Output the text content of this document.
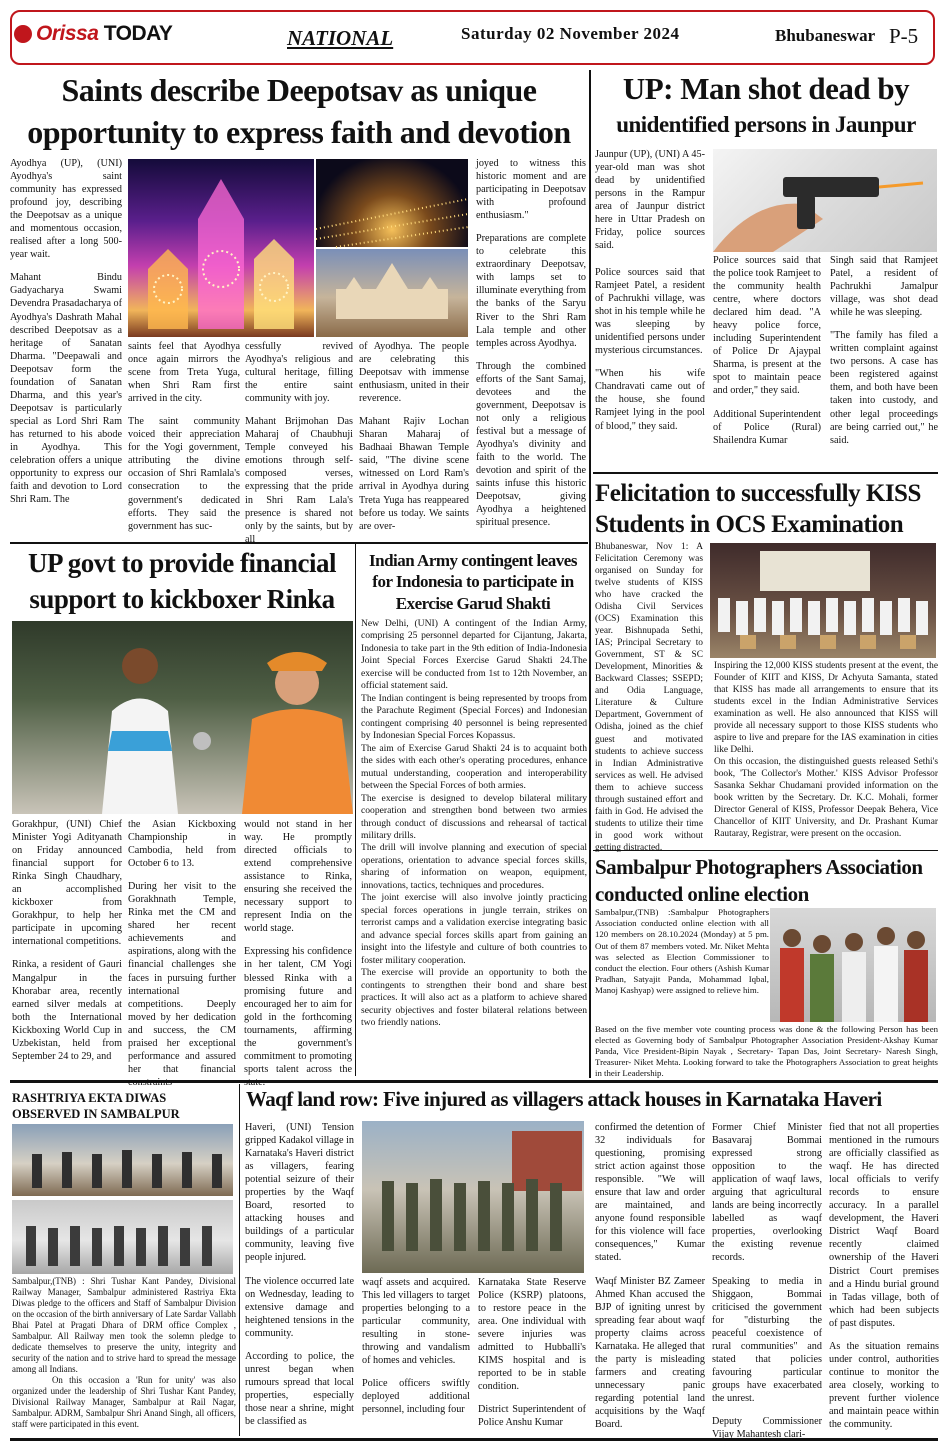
Orissa TODAY	NATIONAL	Saturday 02 November 2024	Bhubaneswar P-5
Saints describe Deepotsav as unique opportunity to express faith and devotion

Ayodhya (UP), (UNI) Ayodhya's saint community has expressed profound joy, describing the Deepotsav as a unique and momentous occasion, realised after a long 500-year wait.

Mahant Bindu Gadyacharya Swami Devendra Prasadacharya of Ayodhya's Dashrath Mahal described Deepotsav as a heritage of Sanatan Dharma. "Deepawali and Deepotsav form the foundation of Sanatan Dharma, and this year's Deepotsav is particularly special as Lord Shri Ram has returned to his abode in Ayodhya. This celebration offers a unique opportunity to express our faith and devotion to Lord Shri Ram. The

saints feel that Ayodhya once again mirrors the scene from Treta Yuga, when Shri Ram first arrived in the city.

The saint community voiced their appreciation for the Yogi government, attributing the divine occasion of Shri Ramlala's consecration to the government's dedicated efforts. They said the government has suc-

cessfully revived Ayodhya's religious and cultural heritage, filling the entire saint community with joy.

Mahant Brijmohan Das Maharaj of Chaubhuji Temple conveyed his emotions through self-composed verses, expressing that the pride in Shri Ram Lala's presence is shared not only by the saints, but by all

of Ayodhya. The people are celebrating this Deepotsav with immense enthusiasm, united in their reverence.

Mahant Rajiv Lochan Sharan Maharaj of Badhaai Bhawan Temple said, "The divine scene witnessed on Lord Ram's arrival in Ayodhya during Treta Yuga has reappeared before us today. We saints are over-

joyed to witness this historic moment and are participating in Deepotsav with profound enthusiasm."

Preparations are complete to celebrate this extraordinary Deepotsav, with lamps set to illuminate everything from the banks of the Saryu River to the Shri Ram Lala temple and other temples across Ayodhya.

Through the combined efforts of the Sant Samaj, devotees and the government, Deepotsav is not only a religious festival but a message of Ayodhya's divinity and faith to the world. The devotion and spirit of the saints infuse this historic Deepotsav, giving Ayodhya a heightened spiritual presence.

UP: Man shot dead by
unidentified persons in Jaunpur
Jaunpur (UP), (UNI) A 45-year-old man was shot dead by unidentified persons in the Rampur area of Jaunpur district here in Uttar Pradesh on Friday, police sources said.

Police sources said that Ramjeet Patel, a resident of Pachrukhi village, was shot in his temple while he was sleeping by unidentified persons under mysterious circumstances.

"When his wife Chandravati came out of the house, she found Ramjeet lying in the pool of blood," they said.

Police sources said that the police took Ramjeet to the community health centre, where doctors declared him dead. "A heavy police force, including Superintendent of Police Dr Ajaypal Sharma, is present at the spot to maintain peace and order," they said.

Additional Superintendent of Police (Rural) Shailendra Kumar

Singh said that Ramjeet Patel, a resident of Pachrukhi Jamalpur village, was shot dead while he was sleeping.

"The family has filed a written complaint against two persons. A case has been registered against them, and both have been taken into custody, and other legal proceedings are being carried out," he said.

Felicitation to successfully KISS Students in OCS Examination
Bhubaneswar, Nov 1: A Felicitation Ceremony was organised on Sunday for twelve students of KISS who have cracked the Odisha Civil Services (OCS) Examination this year. Bishnupada Sethi, IAS; Principal Secretary to Government, ST & SC Development, Minorities & Backward Classes; SSEPD; and Odia Language, Literature & Culture Department, Government of Odisha, joined as the chief guest and motivated students to achieve success in Indian Administrative services as well. He advised them to achieve success through sustained effort and faith in God. He advised the students to utilize their time in good work without getting distracted.

Inspiring the 12,000 KISS students present at the event, the Founder of KIIT and KISS, Dr Achyuta Samanta, stated that KISS has made all arrangements to ensure that its students excel in the Indian Administrative Services examination as well. He also announced that KISS will provide all necessary support to those KISS students who aspire to live and prepare for the IAS examination in cities like Delhi.

On this occasion, the distinguished guests released Sethi's book, 'The Collector's Mother.' KISS Advisor Professor Sasanka Sekhar Chudamani provided information on the book written by the Secretary. Dr. K.C. Mohali, former Director General of KISS, Professor Deepak Behera, Vice Chancellor of KIIT University, and Dr. Prashant Kumar Rautaray, Registrar, were present on the occasion.

UP govt to provide financial support to kickboxer Rinka

Gorakhpur, (UNI) Chief Minister Yogi Adityanath on Friday announced financial support for Rinka Singh Chaudhary, an accomplished kickboxer from Gorakhpur, to help her participate in upcoming international competitions.

Rinka, a resident of Gauri Mangalpur in the Khorabar area, recently earned silver medals at both the International Kickboxing World Cup in Uzbekistan, held from September 24 to 29, and

the Asian Kickboxing Championship in Cambodia, held from October 6 to 13.

During her visit to the Gorakhnath Temple, Rinka met the CM and shared her recent achievements and aspirations, along with the financial challenges she faces in pursuing further international competitions. Deeply moved by her dedication and success, the CM praised her exceptional performance and assured her that financial constraints

would not stand in her way. He promptly directed officials to extend comprehensive assistance to Rinka, ensuring she received the necessary support to represent India on the world stage.

Expressing his confidence in her talent, CM Yogi blessed Rinka with a promising future and encouraged her to aim for gold in the forthcoming tournaments, affirming the government's commitment to promoting sports talent across the state.

Indian Army contingent leaves for Indonesia to participate in Exercise Garud Shakti

New Delhi, (UNI) A contingent of the Indian Army, comprising 25 personnel departed for Cijantung, Jakarta, Indonesia to take part in the 9th edition of India-Indonesia Joint Special Forces Exercise Garud Shakti 24.The exercise will be conducted from 1st to 12th November, an official statement said.

The Indian contingent is being represented by troops from the Parachute Regiment (Special Forces) and Indonesian contingent comprising 40 personnel is being represented by Indonesian Special Forces Kopassus.

The aim of Exercise Garud Shakti 24 is to acquaint both the sides with each other's operating procedures, enhance mutual understanding, cooperation and interoperability between the Special Forces of both armies.

The exercise is designed to develop bilateral military cooperation and strengthen bond between two armies through conduct of discussions and rehearsal of tactical military drills.

The drill will involve planning and execution of special operations, orientation to advance special forces skills, sharing of information on weapon, equipment, innovations, tactics, techniques and procedures.

The joint exercise will also involve jointly practicing special forces operations in jungle terrain, strikes on terrorist camps and a validation exercise integrating basic and advance special forces skills apart from gaining an insight into the lifestyle and culture of both countries to foster military cooperation.

The exercise will provide an opportunity to both the contingents to strengthen their bond and share best practices. It will also act as a platform to achieve shared security objectives and foster bilateral relations between two friendly nations.

Sambalpur Photographers Association conducted online election
Sambalpur,(TNB) :Sambalpur Photographers Association conducted online election with all 120 members on 28.10.2024 (Monday) at 5 pm. Out of them 87 members voted. Mr. Niket Mehta was selected as Election Commissioner to conduct the election. Four others (Ashish Kumar Pradhan, Satyajit Panda, Mohammad Iqbal, Manoj Kashyap) were assigned to relieve him.
Based on the five member vote counting process was done & the following Person has been elected as Governing body of Sambalpur Photographer Association President-Akshay Kumar Panda, Vice President-Bipin Nayak , Secretary- Tapan Das, Joint Secretary- Naresh Singh, Treasurer- Niket Mehta. Looking forward to take the Photographers Association to great heights in their Leadership.
RASHTRIYA EKTA DIWAS OBSERVED IN SAMBALPUR

Sambalpur,(TNB) : Shri Tushar Kant Pandey, Divisional Railway Manager, Sambalpur administered Rastriya Ekta Diwas pledge to the officers and Staff of Sambalpur Division on the occasion of the birth anniversary of Late Sardar Vallabh Bhai Patel at Pragati Dhara of DRM office Complex , Sambalpur. All Railway men took the solemn pledge to dedicate themselves to preserve the unity, integrity and security of the nation and to strive hard to spread the message among all Indians.

On this occasion a 'Run for unity' was also organized under the leadership of Shri Tushar Kant Pandey, Divisional Railway Manager, Sambalpur at Rail Nagar, Sambalpur. ADRM, Sambalpur Shri Anand Singh, all officers, staff were participated in this event.

Waqf land row: Five injured as villagers attack houses in Karnataka Haveri

Haveri, (UNI) Tension gripped Kadakol village in Karnataka's Haveri district as villagers, fearing potential seizure of their properties by the Waqf Board, resorted to attacking houses and buildings of a particular community, leaving five people injured.

The violence occurred late on Wednesday, leading to extensive damage and heightened tensions in the community.

According to police, the unrest began when rumours spread that local properties, especially those near a shrine, might be classified as

waqf assets and acquired. This led villagers to target properties belonging to a particular community, resulting in stone-throwing and vandalism of homes and vehicles.

Police officers swiftly deployed additional personnel, including four

Karnataka State Reserve Police (KSRP) platoons, to restore peace in the area. One individual with severe injuries was admitted to Hubballi's KIMS hospital and is reported to be in stable condition.

District Superintendent of Police Anshu Kumar

confirmed the detention of 32 individuals for questioning, promising strict action against those responsible. "We will ensure that law and order are maintained, and anyone found responsible for this violence will face consequences," Kumar stated.

Waqf Minister BZ Zameer Ahmed Khan accused the BJP of igniting unrest by spreading fear about waqf property claims across Karnataka. He alleged that the party is misleading farmers and creating unnecessary panic regarding potential land acquisitions by the Waqf Board.

Former Chief Minister Basavaraj Bommai expressed strong opposition to the application of waqf laws, arguing that agricultural lands are being incorrectly labelled as waqf properties, overlooking the existing revenue records.

Speaking to media in Shiggaon, Bommai criticised the government for "disturbing the peaceful coexistence of rural communities" and stated that policies favouring particular groups have exacerbated the unrest.

Deputy Commissioner Vijay Mahantesh clari-

fied that not all properties mentioned in the rumours are officially classified as waqf. He has directed local officials to verify records to ensure accuracy. In a parallel development, the Haveri District Waqf Board recently claimed ownership of the Haveri District Court premises and a Hindu burial ground in Tadas village, both of which had been subjects of past disputes.

As the situation remains under control, authorities continue to monitor the area closely, working to prevent further violence and maintain peace within the community.
